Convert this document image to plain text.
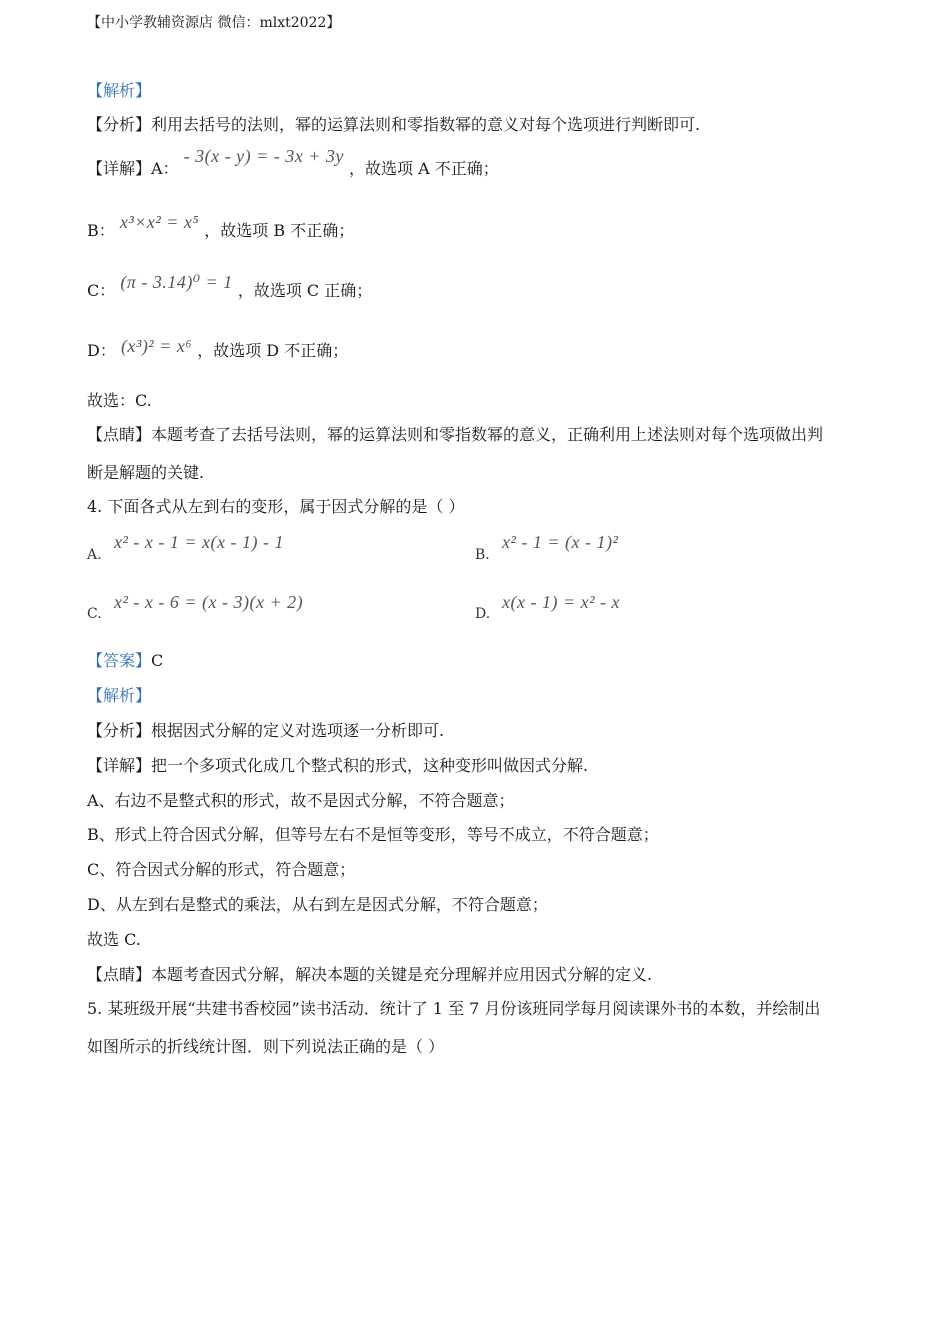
【中小学教辅资源店 微信：mlxt2022】
【解析】
【分析】利用去括号的法则，幂的运算法则和零指数幂的意义对每个选项进行判断即可.
【详解】A： - 3(x - y) = - 3x + 3y ，故选项 A 不正确；
B： x³×x² = x⁵ ，故选项 B 不正确；
C： (π - 3.14)⁰ = 1 ，故选项 C 正确；
D： (x³)² = x⁶ ，故选项 D 不正确；
故选：C.
【点睛】本题考查了去括号法则，幂的运算法则和零指数幂的意义，正确利用上述法则对每个选项做出判
断是解题的关键.
4. 下面各式从左到右的变形，属于因式分解的是（ ）
A.
x² - x - 1 = x(x - 1) - 1
B.
x² - 1 = (x - 1)²
C.
x² - x - 6 = (x - 3)(x + 2)
D.
x(x - 1) = x² - x
【答案】C
【解析】
【分析】根据因式分解的定义对选项逐一分析即可.
【详解】把一个多项式化成几个整式积的形式，这种变形叫做因式分解.
A、右边不是整式积的形式，故不是因式分解，不符合题意；
B、形式上符合因式分解，但等号左右不是恒等变形，等号不成立，不符合题意；
C、符合因式分解的形式，符合题意；
D、从左到右是整式的乘法，从右到左是因式分解，不符合题意；
故选 C.
【点睛】本题考查因式分解，解决本题的关键是充分理解并应用因式分解的定义.
5. 某班级开展“共建书香校园”读书活动．统计了 1 至 7 月份该班同学每月阅读课外书的本数，并绘制出
如图所示的折线统计图．则下列说法正确的是（ ）
